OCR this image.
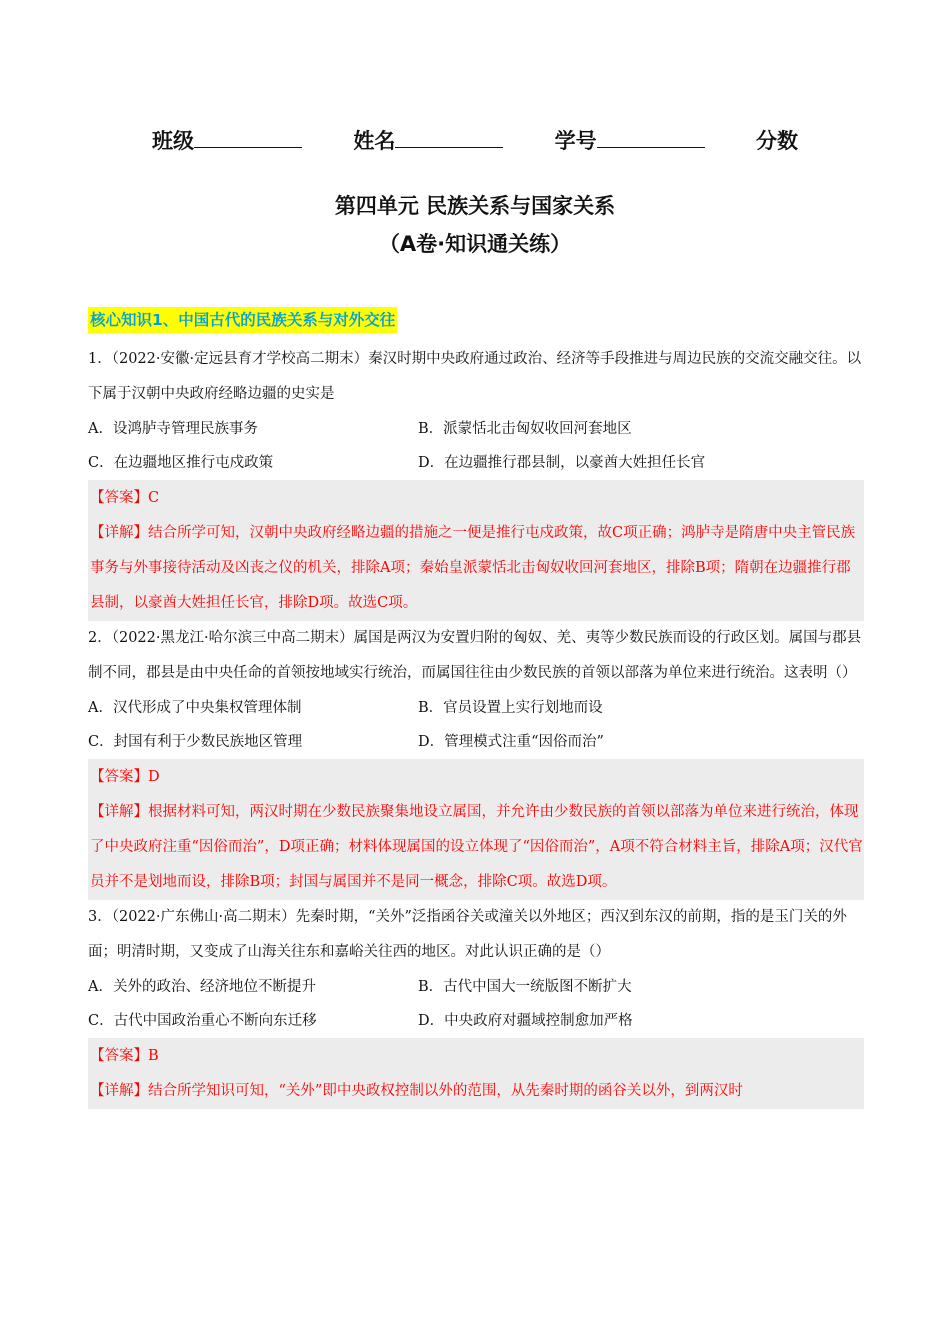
班级	姓名	学号	分数
第四单元 民族关系与国家关系
（A卷·知识通关练）
核心知识1、中国古代的民族关系与对外交往

1．（2022·安徽·定远县育才学校高二期末）秦汉时期中央政府通过政治、经济等手段推进与周边民族的交流交融交往。以下属于汉朝中央政府经略边疆的史实是

A．设鸿胪寺管理民族事务	B．派蒙恬北击匈奴收回河套地区
C．在边疆地区推行屯戍政策	D．在边疆推行郡县制，以豪酋大姓担任长官
【答案】C
【详解】结合所学可知，汉朝中央政府经略边疆的措施之一便是推行屯戍政策，故C项正确；鸿胪寺是隋唐中央主管民族事务与外事接待活动及凶丧之仪的机关，排除A项；秦始皇派蒙恬北击匈奴收回河套地区，排除B项；隋朝在边疆推行郡县制，以豪酋大姓担任长官，排除D项。故选C项。

2．（2022·黑龙江·哈尔滨三中高二期末）属国是两汉为安置归附的匈奴、羌、夷等少数民族而设的行政区划。属国与郡县制不同，郡县是由中央任命的首领按地域实行统治，而属国往往由少数民族的首领以部落为单位来进行统治。这表明（）

A．汉代形成了中央集权管理体制	B．官员设置上实行划地而设
C．封国有利于少数民族地区管理	D．管理模式注重“因俗而治”
【答案】D
【详解】根据材料可知，两汉时期在少数民族聚集地设立属国，并允许由少数民族的首领以部落为单位来进行统治，体现了中央政府注重“因俗而治”，D项正确；材料体现属国的设立体现了“因俗而治”，A项不符合材料主旨，排除A项；汉代官员并不是划地而设，排除B项；封国与属国并不是同一概念，排除C项。故选D项。

3．（2022·广东佛山·高二期末）先秦时期，“关外”泛指函谷关或潼关以外地区；西汉到东汉的前期，指的是玉门关的外面；明清时期，又变成了山海关往东和嘉峪关往西的地区。对此认识正确的是（）

A．关外的政治、经济地位不断提升	B．古代中国大一统版图不断扩大
C．古代中国政治重心不断向东迁移	D．中央政府对疆域控制愈加严格
【答案】B
【详解】结合所学知识可知，“关外”即中央政权控制以外的范围，从先秦时期的函谷关以外，到两汉时
